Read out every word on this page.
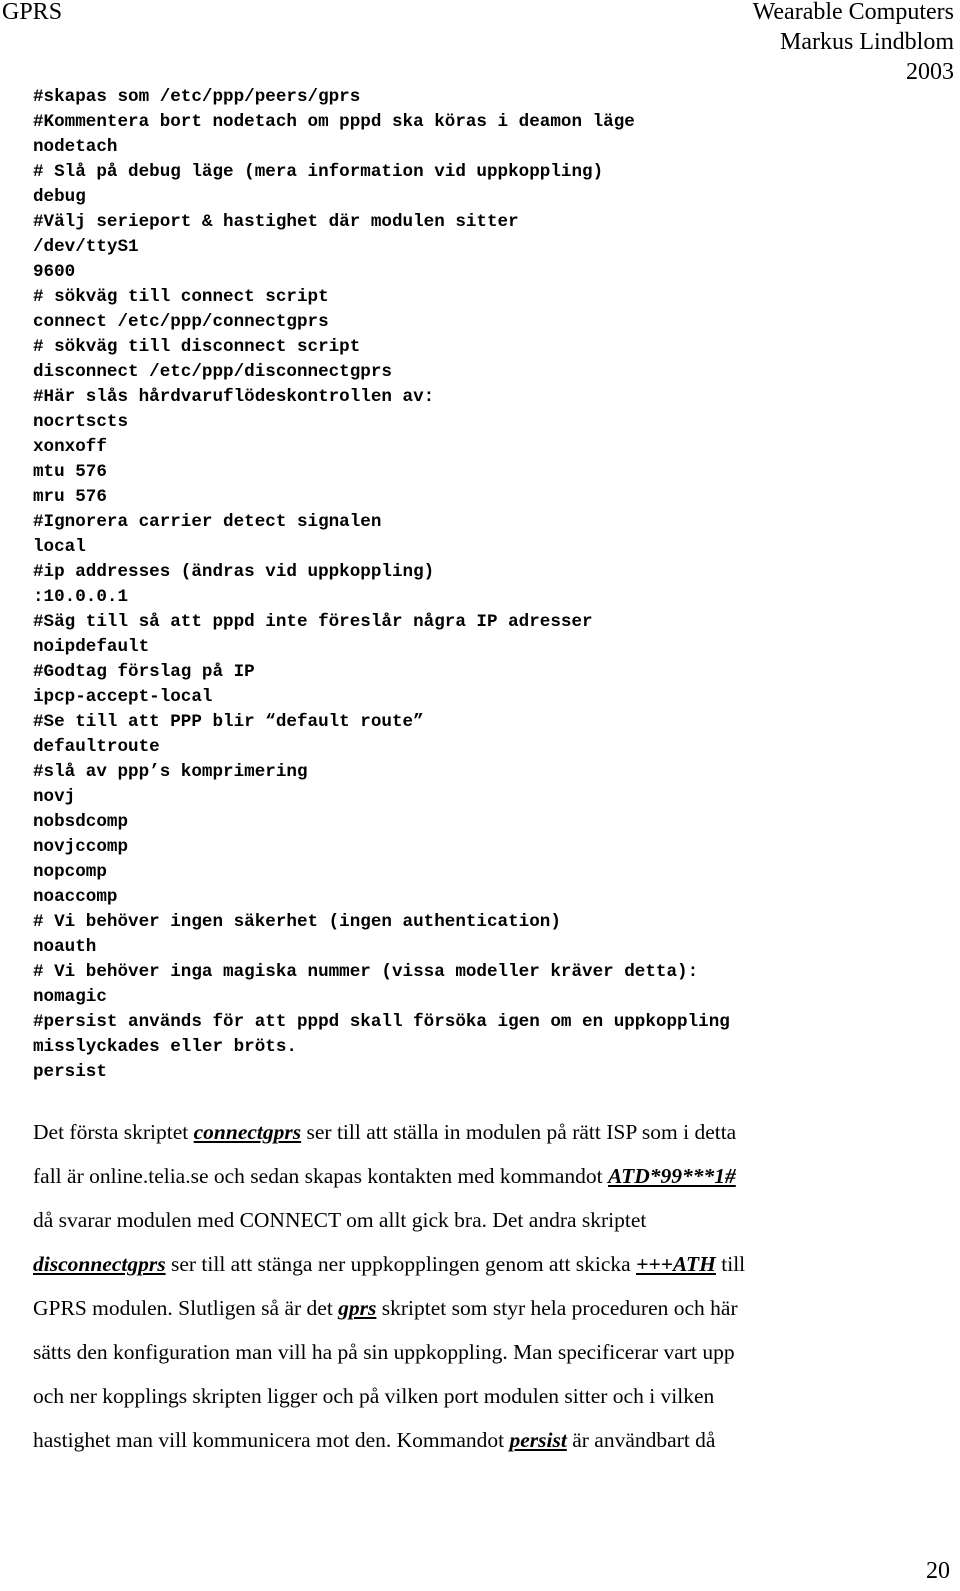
GPRS	Wearable Computers
Markus Lindblom
2003
#skapas som /etc/ppp/peers/gprs
#Kommentera bort nodetach om pppd ska köras i deamon läge
nodetach
# Slå på debug läge (mera information vid uppkoppling)
debug
#Välj serieport & hastighet där modulen sitter
/dev/ttyS1
9600
# sökväg till connect script
connect /etc/ppp/connectgprs
# sökväg till disconnect script
disconnect /etc/ppp/disconnectgprs
#Här slås hårdvaruflödeskontrollen av:
nocrtscts
xonxoff
mtu 576
mru 576
#Ignorera carrier detect signalen
local
#ip addresses (ändras vid uppkoppling)
:10.0.0.1
#Säg till så att pppd inte föreslår några IP adresser
noipdefault
#Godtag förslag på IP
ipcp-accept-local
#Se till att PPP blir “default route”
defaultroute
#slå av ppp’s komprimering
novj
nobsdcomp
novjccomp
nopcomp
noaccomp
# Vi behöver ingen säkerhet (ingen authentication)
noauth
# Vi behöver inga magiska nummer (vissa modeller kräver detta):
nomagic
#persist används för att pppd skall försöka igen om en uppkoppling
misslyckades eller bröts.
persist
Det första skriptet connectgprs ser till att ställa in modulen på rätt ISP som i detta
fall är online.telia.se och sedan skapas kontakten med kommandot ATD*99***1#
då svarar modulen med CONNECT om allt gick bra. Det andra skriptet
disconnectgprs ser till att stänga ner uppkopplingen genom att skicka +++ATH till
GPRS modulen. Slutligen så är det gprs skriptet som styr hela proceduren och här
sätts den konfiguration man vill ha på sin uppkoppling. Man specificerar vart upp
och ner kopplings skripten ligger och på vilken port modulen sitter och i vilken
hastighet man vill kommunicera mot den. Kommandot persist är användbart då
20
